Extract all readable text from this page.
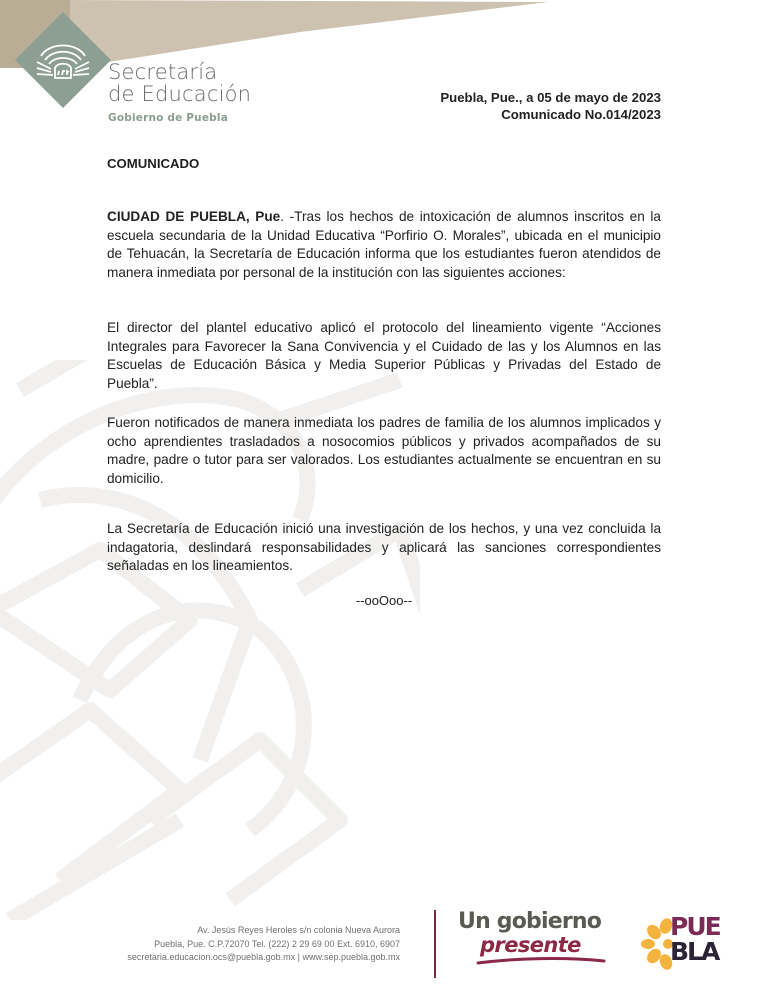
Secretaría
de Educación
Gobierno de Puebla
Puebla, Pue., a 05 de mayo de 2023
Comunicado No.014/2023
COMUNICADO

CIUDAD DE PUEBLA, Pue. -Tras los hechos de intoxicación de alumnos inscritos en la escuela secundaria de la Unidad Educativa “Porfirio O. Morales”, ubicada en el municipio de Tehuacán, la Secretaría de Educación informa que los estudiantes fueron atendidos de manera inmediata por personal de la institución con las siguientes acciones:

El director del plantel educativo aplicó el protocolo del lineamiento vigente “Acciones Integrales para Favorecer la Sana Convivencia y el Cuidado de las y los Alumnos en las Escuelas de Educación Básica y Media Superior Públicas y Privadas del Estado de Puebla”.

Fueron notificados de manera inmediata los padres de familia de los alumnos implicados y ocho aprendientes trasladados a nosocomios públicos y privados acompañados de su madre, padre o tutor para ser valorados. Los estudiantes actualmente se encuentran en su domicilio.

La Secretaría de Educación inició una investigación de los hechos, y una vez concluida la indagatoria, deslindará responsabilidades y aplicará las sanciones correspondientes señaladas en los lineamientos.

--ooOoo--
Av. Jesús Reyes Heroles s/n colonia Nueva Aurora
Puebla, Pue. C.P.72070 Tel. (222) 2 29 69 00 Ext. 6910, 6907
secretaria.educacion.ocs@puebla.gob.mx | www.sep.puebla.gob.mx
Un gobierno
presente
PUE
BLA
